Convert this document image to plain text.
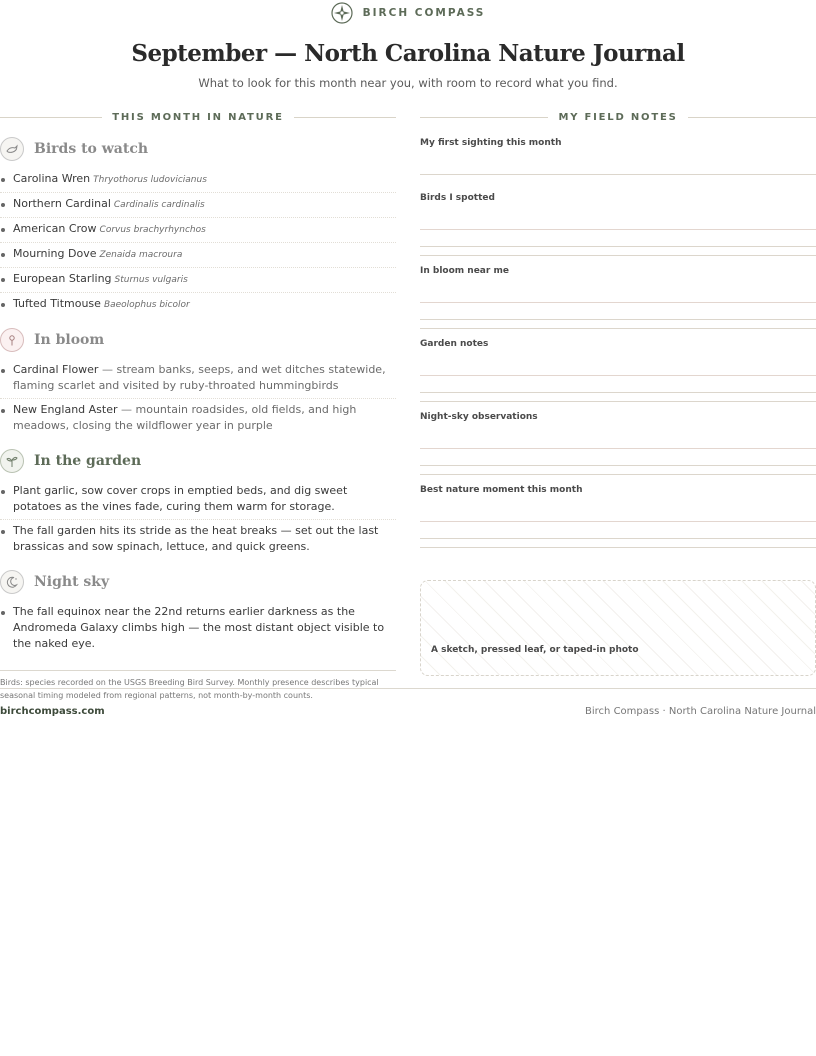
BIRCH COMPASS
September — North Carolina Nature Journal
What to look for this month near you, with room to record what you find.
THIS MONTH IN NATURE
Birds to watch
Carolina Wren Thryothorus ludovicianus
Northern Cardinal Cardinalis cardinalis
American Crow Corvus brachyrhynchos
Mourning Dove Zenaida macroura
European Starling Sturnus vulgaris
Tufted Titmouse Baeolophus bicolor
In bloom
Cardinal Flower — stream banks, seeps, and wet ditches statewide, flaming scarlet and visited by ruby-throated hummingbirds
New England Aster — mountain roadsides, old fields, and high meadows, closing the wildflower year in purple
In the garden
Plant garlic, sow cover crops in emptied beds, and dig sweet potatoes as the vines fade, curing them warm for storage.
The fall garden hits its stride as the heat breaks — set out the last brassicas and sow spinach, lettuce, and quick greens.
Night sky
The fall equinox near the 22nd returns earlier darkness as the Andromeda Galaxy climbs high — the most distant object visible to the naked eye.
Birds: species recorded on the USGS Breeding Bird Survey. Monthly presence describes typical seasonal timing modeled from regional patterns, not month-by-month counts.
MY FIELD NOTES
My first sighting this month
Birds I spotted
In bloom near me
Garden notes
Night-sky observations
Best nature moment this month
A sketch, pressed leaf, or taped-in photo
birchcompass.com	Birch Compass · North Carolina Nature Journal
